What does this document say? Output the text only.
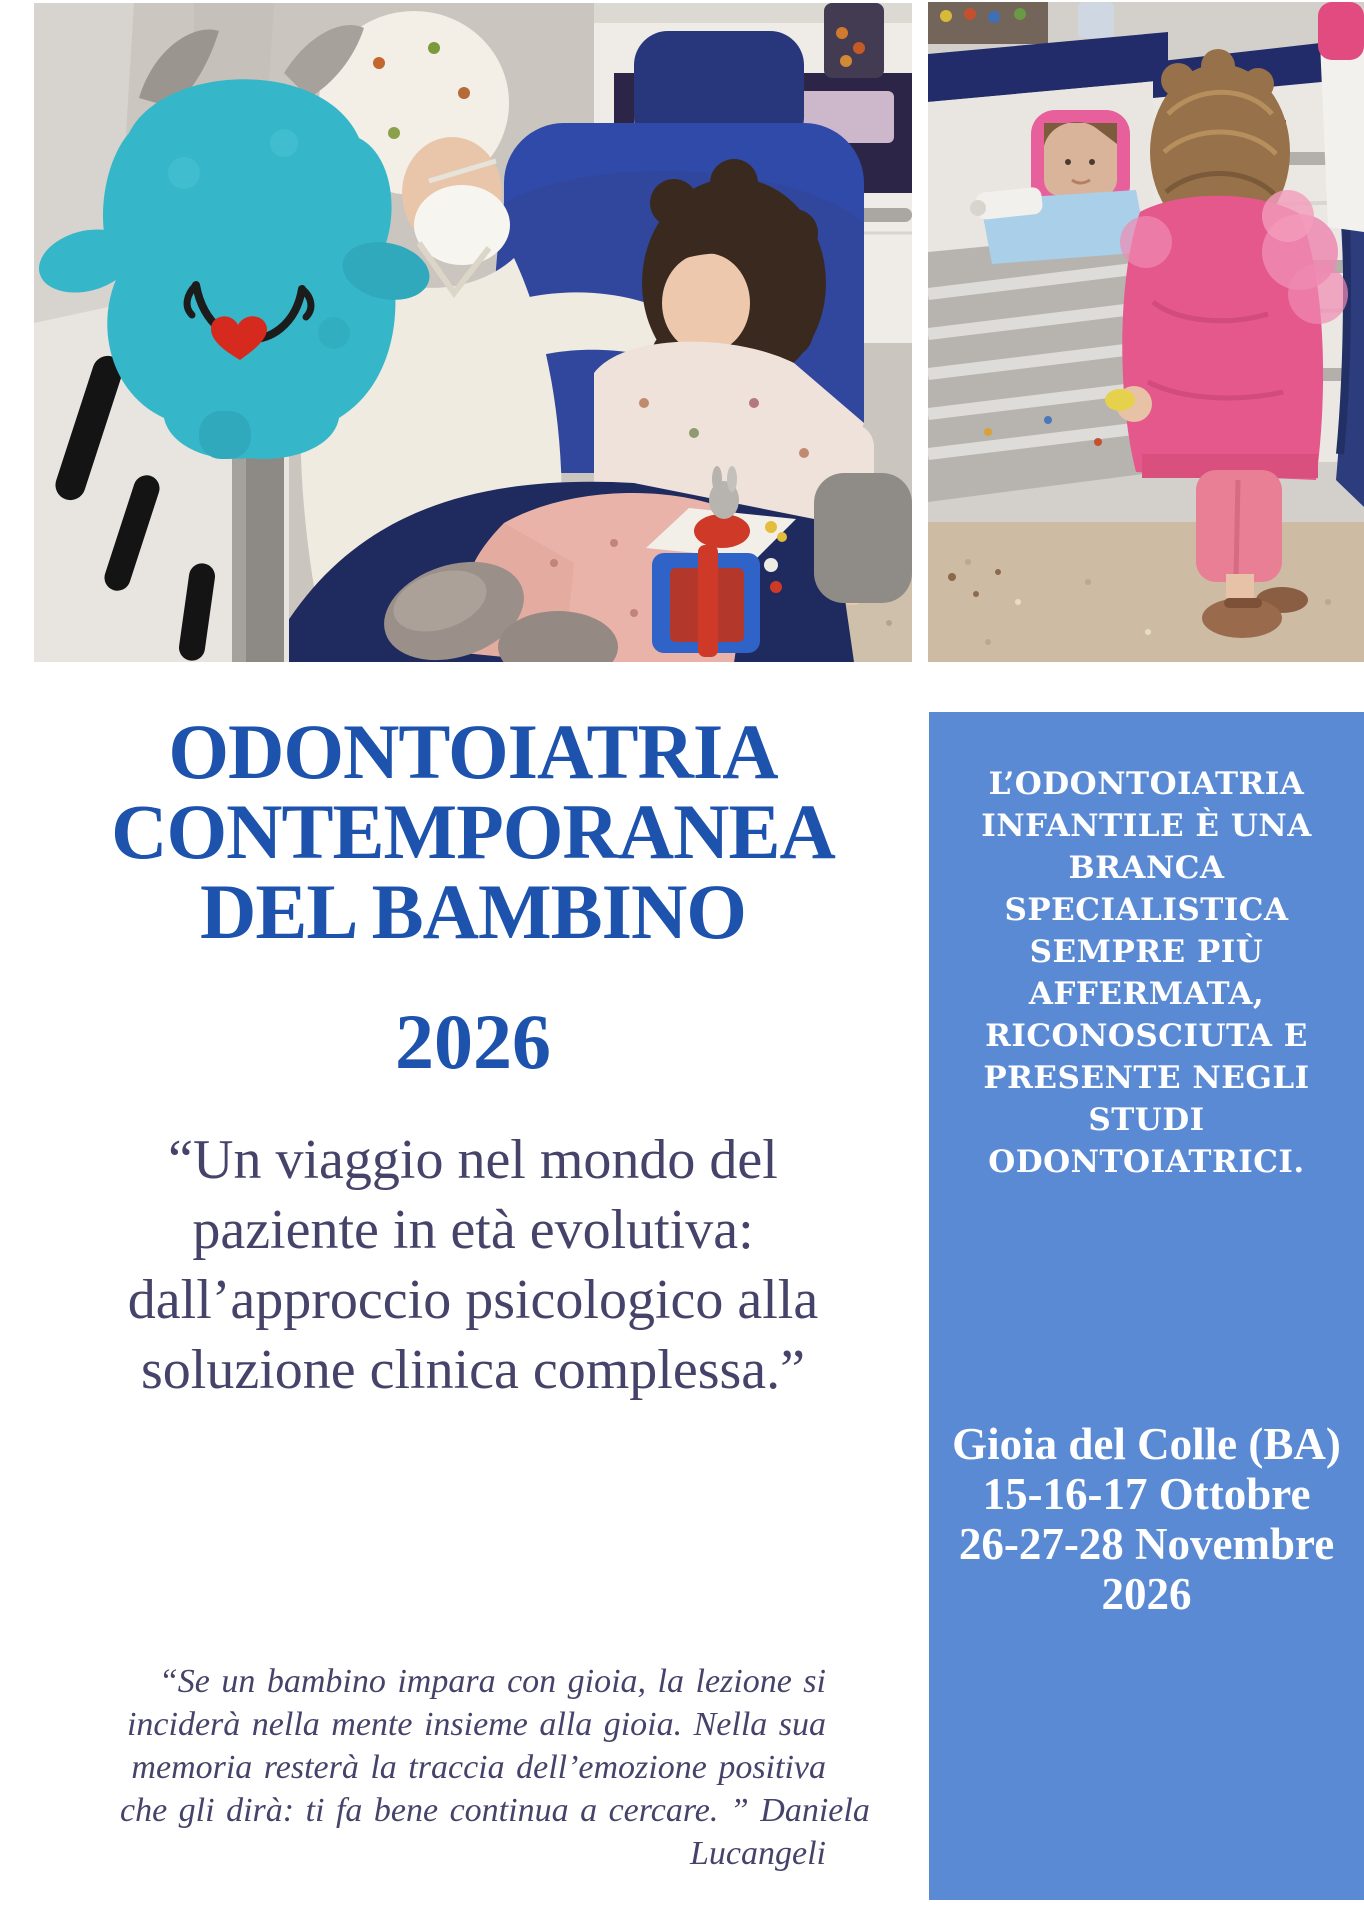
ODONTOIATRIA
CONTEMPORANEA
DEL BAMBINO
2026
“Un viaggio nel mondo del
paziente in età evolutiva:
dall’approccio psicologico alla
soluzione clinica complessa.”
“Se un bambino impara con gioia, la lezione si
inciderà nella mente insieme alla gioia. Nella sua
memoria resterà la traccia dell’emozione positiva
che gli dirà: ti fa bene continua a cercare. ” Daniela
Lucangeli
L’ODONTOIATRIA
INFANTILE È UNA
BRANCA
SPECIALISTICA
SEMPRE PIÙ
AFFERMATA,
RICONOSCIUTA E
PRESENTE NEGLI
STUDI
ODONTOIATRICI.
Gioia del Colle (BA)
15-16-17 Ottobre
26-27-28 Novembre
2026
